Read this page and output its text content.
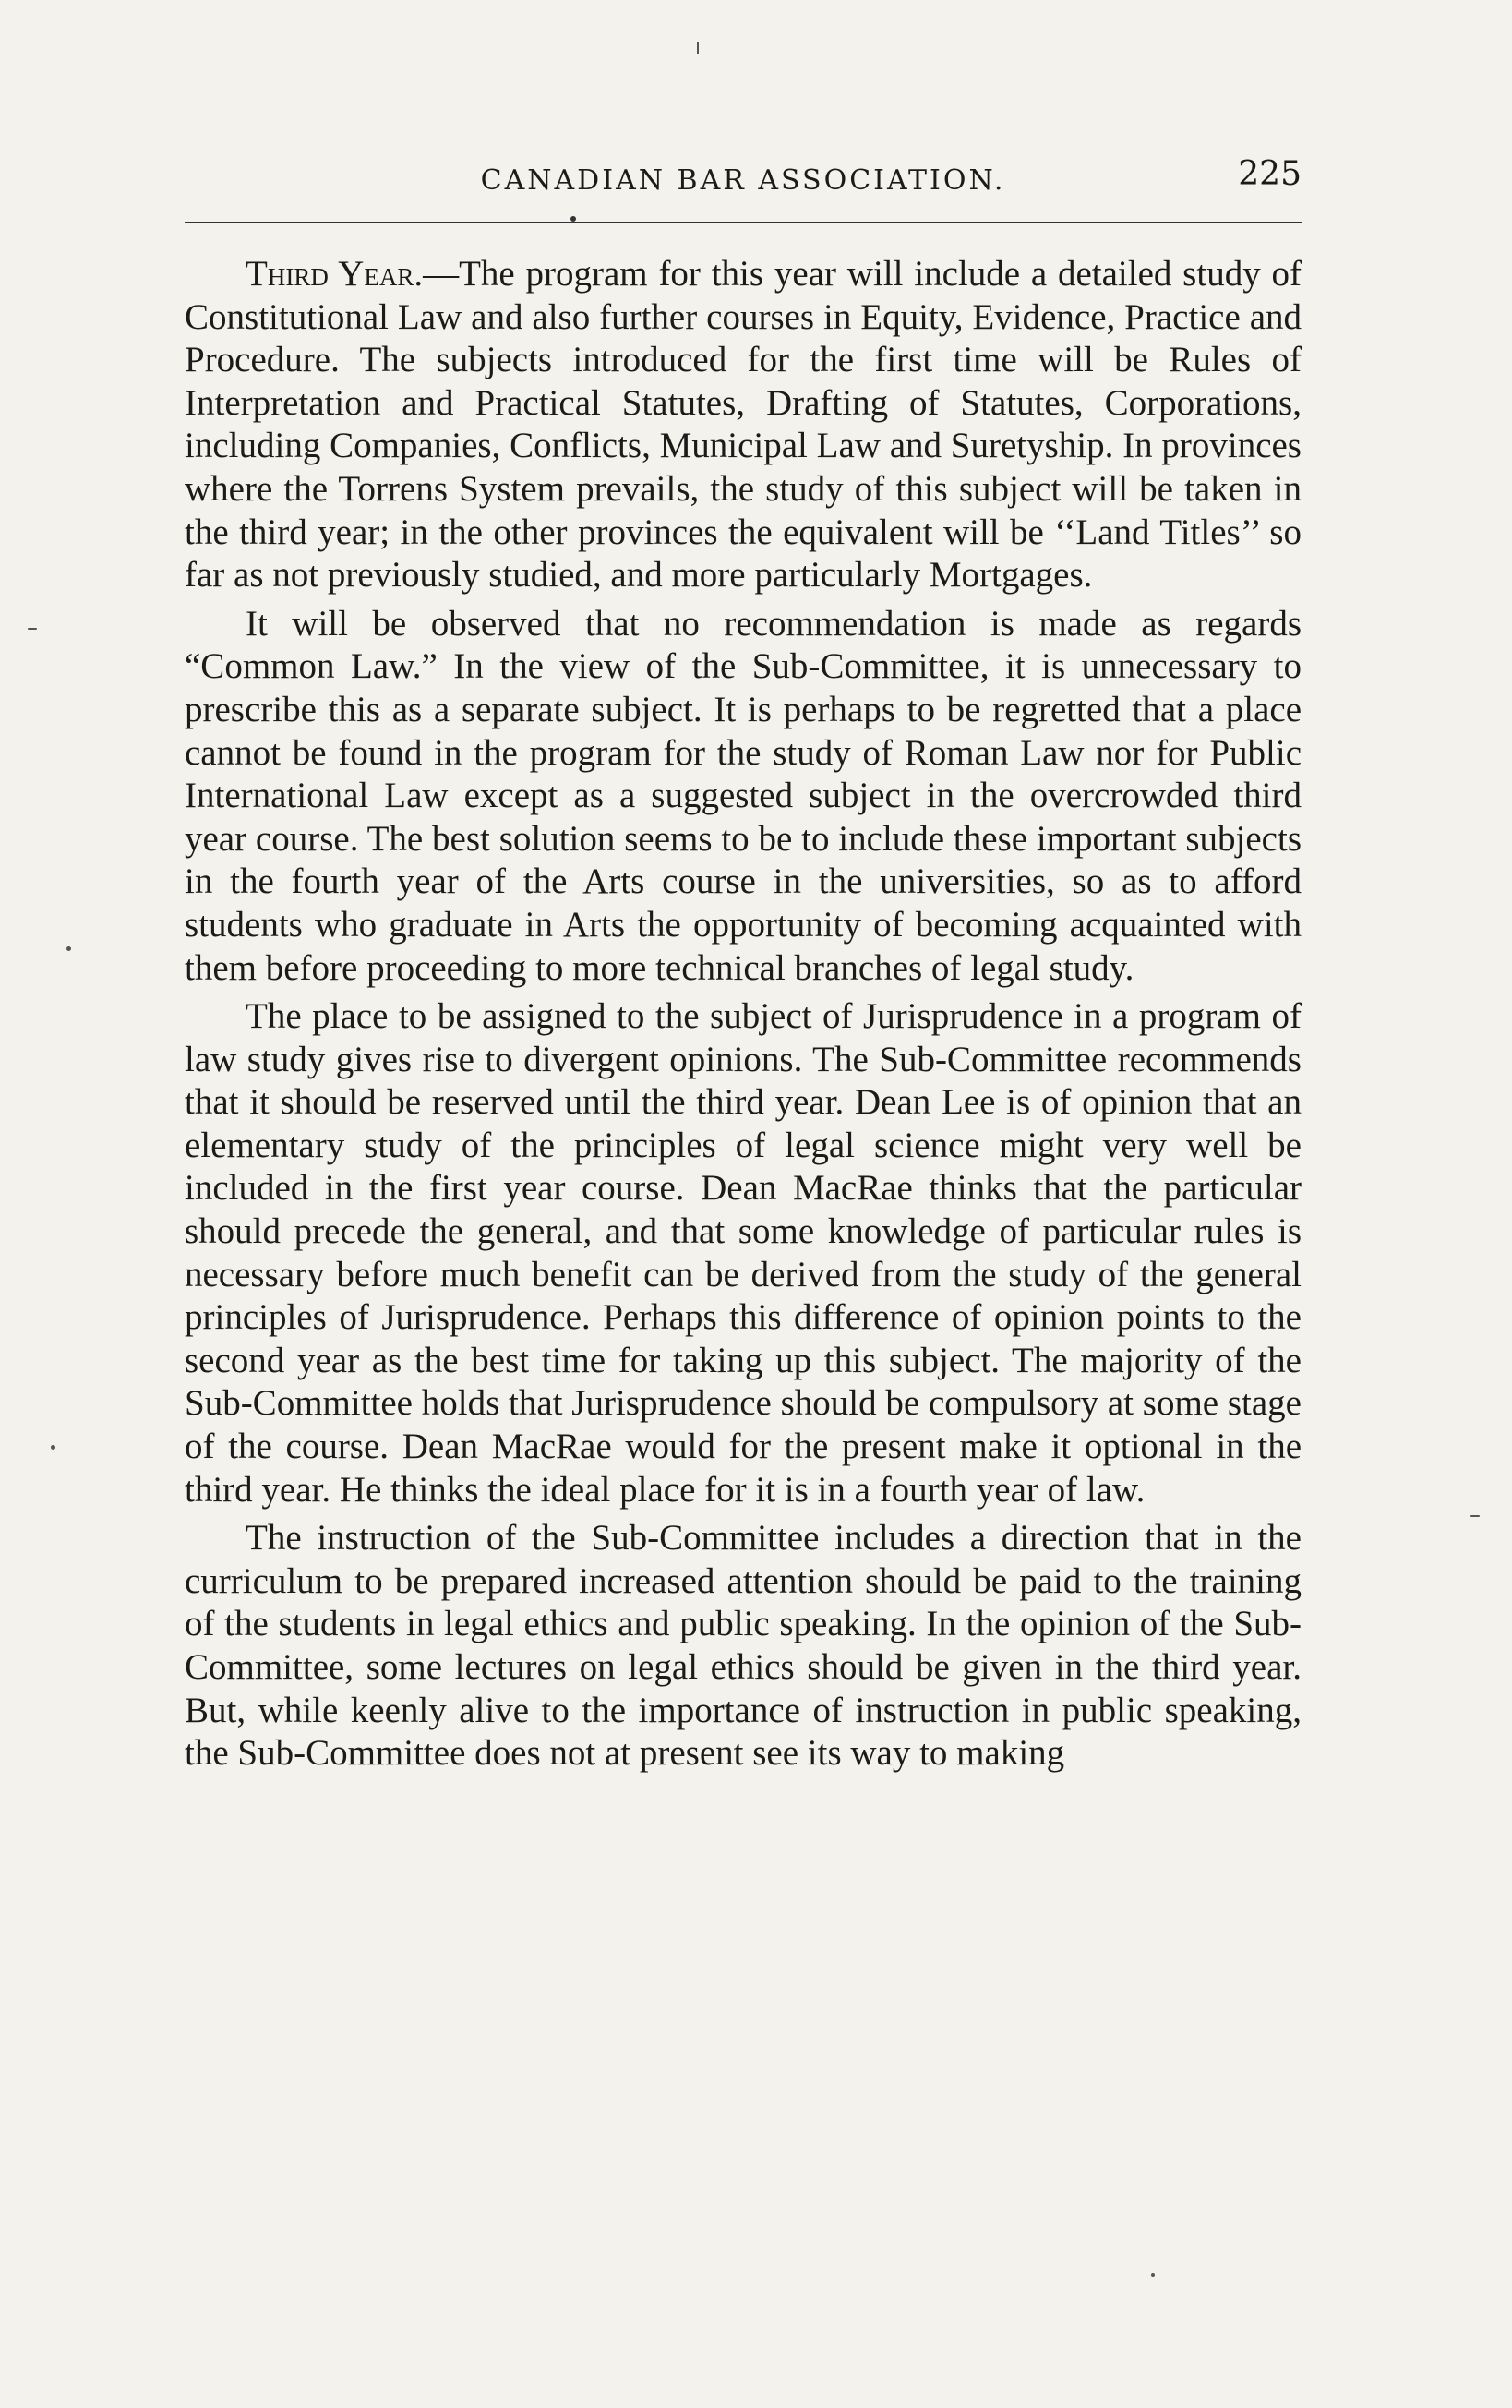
CANADIAN BAR ASSOCIATION.	225

Third Year.—The program for this year will include a detailed study of Constitutional Law and also further courses in Equity, Evidence, Practice and Procedure. The subjects introduced for the first time will be Rules of Interpretation and Practical Statutes, Drafting of Statutes, Corporations, including Companies, Conflicts, Municipal Law and Suretyship. In provinces where the Torrens System prevails, the study of this subject will be taken in the third year; in the other provinces the equivalent will be ‘‘Land Titles’’ so far as not previously studied, and more particularly Mortgages.

It will be observed that no recommendation is made as regards “Common Law.” In the view of the Sub-Committee, it is unnecessary to prescribe this as a separate subject. It is perhaps to be regretted that a place cannot be found in the program for the study of Roman Law nor for Public International Law except as a suggested subject in the overcrowded third year course. The best solution seems to be to include these important subjects in the fourth year of the Arts course in the universities, so as to afford students who graduate in Arts the opportunity of becoming acquainted with them before proceeding to more technical branches of legal study.

The place to be assigned to the subject of Jurisprudence in a program of law study gives rise to divergent opinions. The Sub-Committee recommends that it should be reserved until the third year. Dean Lee is of opinion that an elementary study of the principles of legal science might very well be included in the first year course. Dean MacRae thinks that the particular should precede the general, and that some knowledge of particular rules is necessary before much benefit can be derived from the study of the general principles of Jurisprudence. Perhaps this difference of opinion points to the second year as the best time for taking up this subject. The majority of the Sub-Committee holds that Jurisprudence should be compulsory at some stage of the course. Dean MacRae would for the present make it optional in the third year. He thinks the ideal place for it is in a fourth year of law.

The instruction of the Sub-Committee includes a direction that in the curriculum to be prepared increased attention should be paid to the training of the students in legal ethics and public speaking. In the opinion of the Sub-Committee, some lectures on legal ethics should be given in the third year. But, while keenly alive to the importance of instruction in public speaking, the Sub-Committee does not at present see its way to making
